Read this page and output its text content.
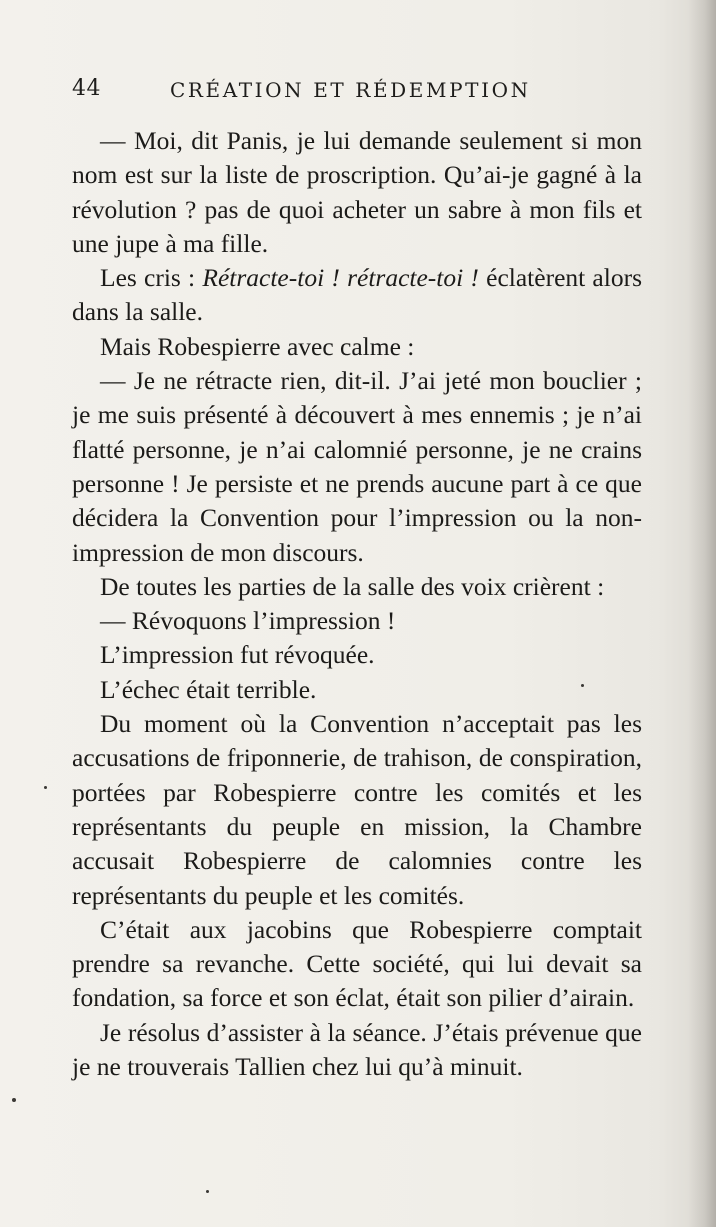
44	CRÉATION ET RÉDEMPTION

— Moi, dit Panis, je lui demande seulement si mon nom est sur la liste de proscription. Qu’ai-je gagné à la révolution ? pas de quoi acheter un sabre à mon fils et une jupe à ma fille.

Les cris : Rétracte-toi ! rétracte-toi ! éclatèrent alors dans la salle.

Mais Robespierre avec calme :

— Je ne rétracte rien, dit-il. J’ai jeté mon bouclier ; je me suis présenté à découvert à mes ennemis ; je n’ai flatté personne, je n’ai calomnié personne, je ne crains personne ! Je persiste et ne prends aucune part à ce que décidera la Convention pour l’impression ou la non-impression de mon discours.

De toutes les parties de la salle des voix crièrent :

— Révoquons l’impression !

L’impression fut révoquée.

L’échec était terrible.

Du moment où la Convention n’acceptait pas les accusations de friponnerie, de trahison, de conspiration, portées par Robespierre contre les comités et les représentants du peuple en mission, la Chambre accusait Robespierre de calomnies contre les représentants du peuple et les comités.

C’était aux jacobins que Robespierre comptait prendre sa revanche. Cette société, qui lui devait sa fondation, sa force et son éclat, était son pilier d’airain.

Je résolus d’assister à la séance. J’étais prévenue que je ne trouverais Tallien chez lui qu’à minuit.
